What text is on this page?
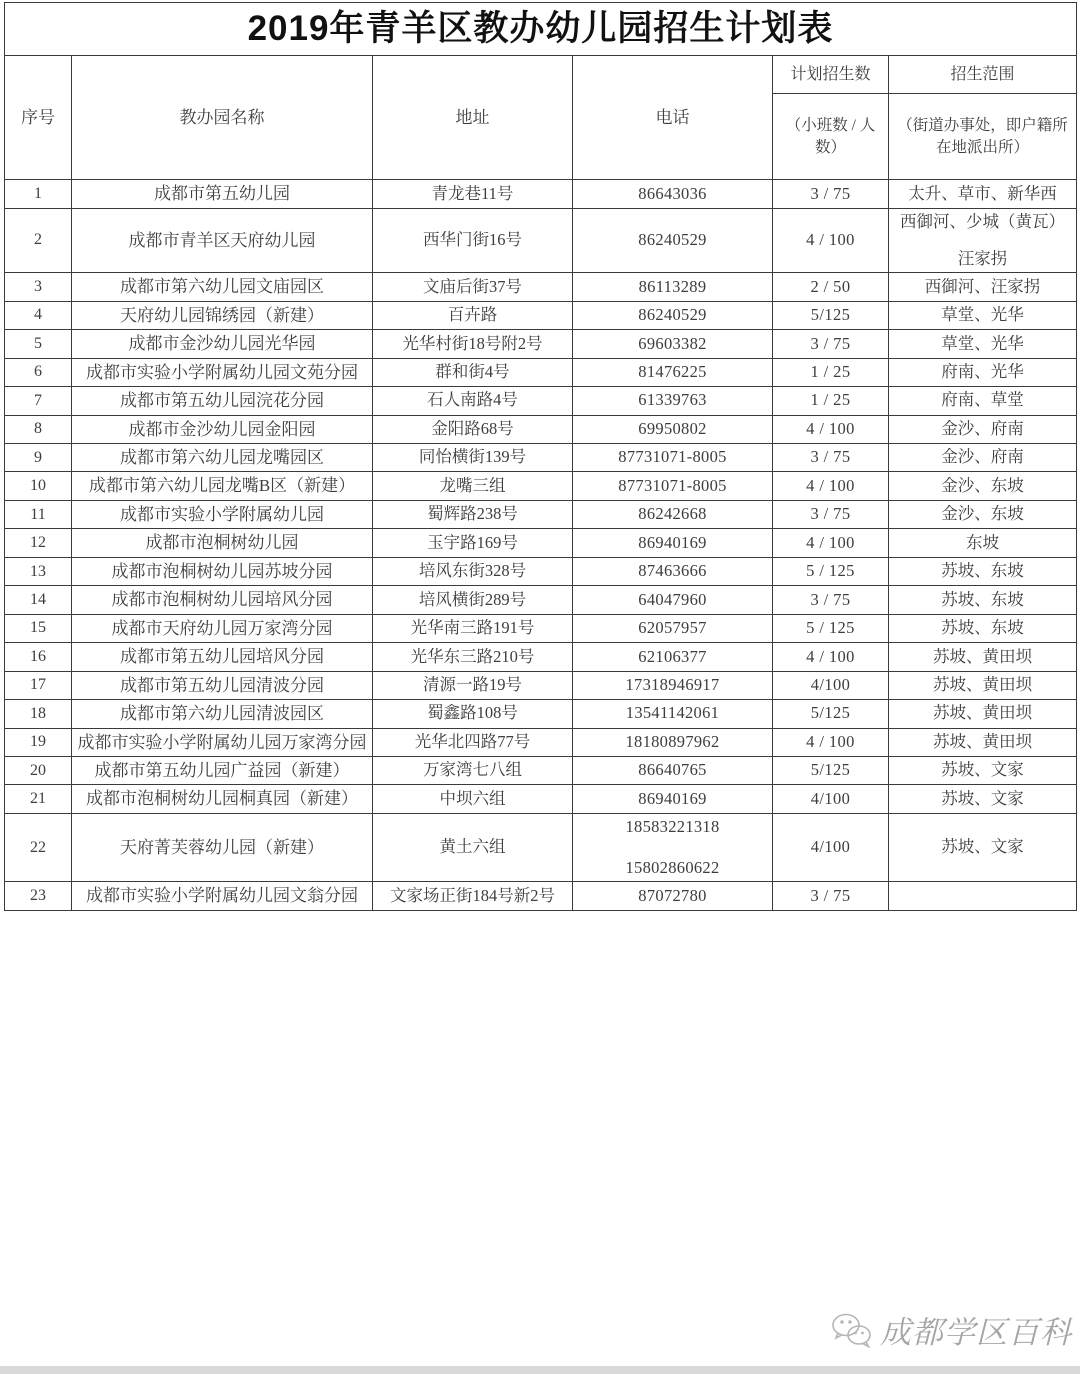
2019年青羊区教办幼儿园招生计划表					
序号	教办园名称	地址	电话	计划招生数	招生范围
				（小班数 / 人数）	（街道办事处，即户籍所在地派出所）
1	成都市第五幼儿园	青龙巷11号	86643036	3 / 75	太升、草市、新华西
2	成都市青羊区天府幼儿园	西华门街16号	86240529	4 / 100	西御河、少城（黄瓦）
汪家拐

3	成都市第六幼儿园文庙园区	文庙后街37号	86113289	2 / 50	西御河、汪家拐
4	天府幼儿园锦绣园（新建）	百卉路	86240529	5/125	草堂、光华
5	成都市金沙幼儿园光华园	光华村街18号附2号	69603382	3 / 75	草堂、光华
6	成都市实验小学附属幼儿园文苑分园	群和街4号	81476225	1 / 25	府南、光华
7	成都市第五幼儿园浣花分园	石人南路4号	61339763	1 / 25	府南、草堂
8	成都市金沙幼儿园金阳园	金阳路68号	69950802	4 / 100	金沙、府南
9	成都市第六幼儿园龙嘴园区	同怡横街139号	87731071-8005	3 / 75	金沙、府南
10	成都市第六幼儿园龙嘴B区（新建）	龙嘴三组	87731071-8005	4 / 100	金沙、东坡
11	成都市实验小学附属幼儿园	蜀辉路238号	86242668	3 / 75	金沙、东坡
12	成都市泡桐树幼儿园	玉宇路169号	86940169	4 / 100	东坡
13	成都市泡桐树幼儿园苏坡分园	培风东街328号	87463666	5 / 125	苏坡、东坡
14	成都市泡桐树幼儿园培风分园	培风横街289号	64047960	3 / 75	苏坡、东坡
15	成都市天府幼儿园万家湾分园	光华南三路191号	62057957	5 / 125	苏坡、东坡
16	成都市第五幼儿园培风分园	光华东三路210号	62106377	4 / 100	苏坡、黄田坝
17	成都市第五幼儿园清波分园	清源一路19号	17318946917	4/100	苏坡、黄田坝
18	成都市第六幼儿园清波园区	蜀鑫路108号	13541142061	5/125	苏坡、黄田坝
19	成都市实验小学附属幼儿园万家湾分园	光华北四路77号	18180897962	4 / 100	苏坡、黄田坝
20	成都市第五幼儿园广益园（新建）	万家湾七八组	86640765	5/125	苏坡、文家
21	成都市泡桐树幼儿园桐真园（新建）	中坝六组	86940169	4/100	苏坡、文家
22	天府菁芙蓉幼儿园（新建）	黄土六组	18583221318
15802860622	4/100	苏坡、文家
23	成都市实验小学附属幼儿园文翁分园	文家场正街184号新2号	87072780	3 / 75	
成都学区百科
